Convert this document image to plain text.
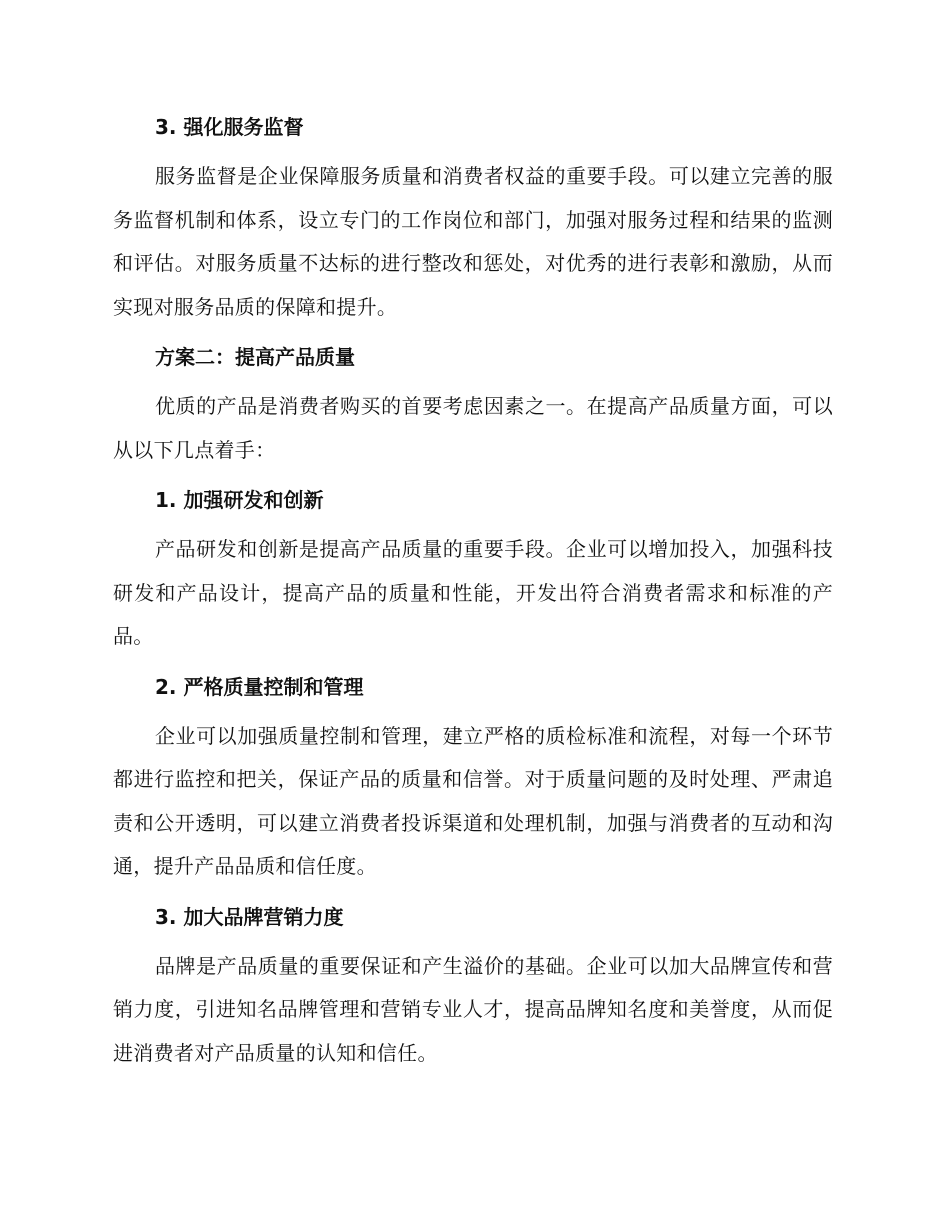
3. 强化服务监督

服务监督是企业保障服务质量和消费者权益的重要手段。可以建立完善的服务监督机制和体系，设立专门的工作岗位和部门，加强对服务过程和结果的监测和评估。对服务质量不达标的进行整改和惩处，对优秀的进行表彰和激励，从而实现对服务品质的保障和提升。

方案二：提高产品质量

优质的产品是消费者购买的首要考虑因素之一。在提高产品质量方面，可以从以下几点着手：

1. 加强研发和创新

产品研发和创新是提高产品质量的重要手段。企业可以增加投入，加强科技研发和产品设计，提高产品的质量和性能，开发出符合消费者需求和标准的产品。

2. 严格质量控制和管理

企业可以加强质量控制和管理，建立严格的质检标准和流程，对每一个环节都进行监控和把关，保证产品的质量和信誉。对于质量问题的及时处理、严肃追责和公开透明，可以建立消费者投诉渠道和处理机制，加强与消费者的互动和沟通，提升产品品质和信任度。

3. 加大品牌营销力度

品牌是产品质量的重要保证和产生溢价的基础。企业可以加大品牌宣传和营销力度，引进知名品牌管理和营销专业人才，提高品牌知名度和美誉度，从而促进消费者对产品质量的认知和信任。
